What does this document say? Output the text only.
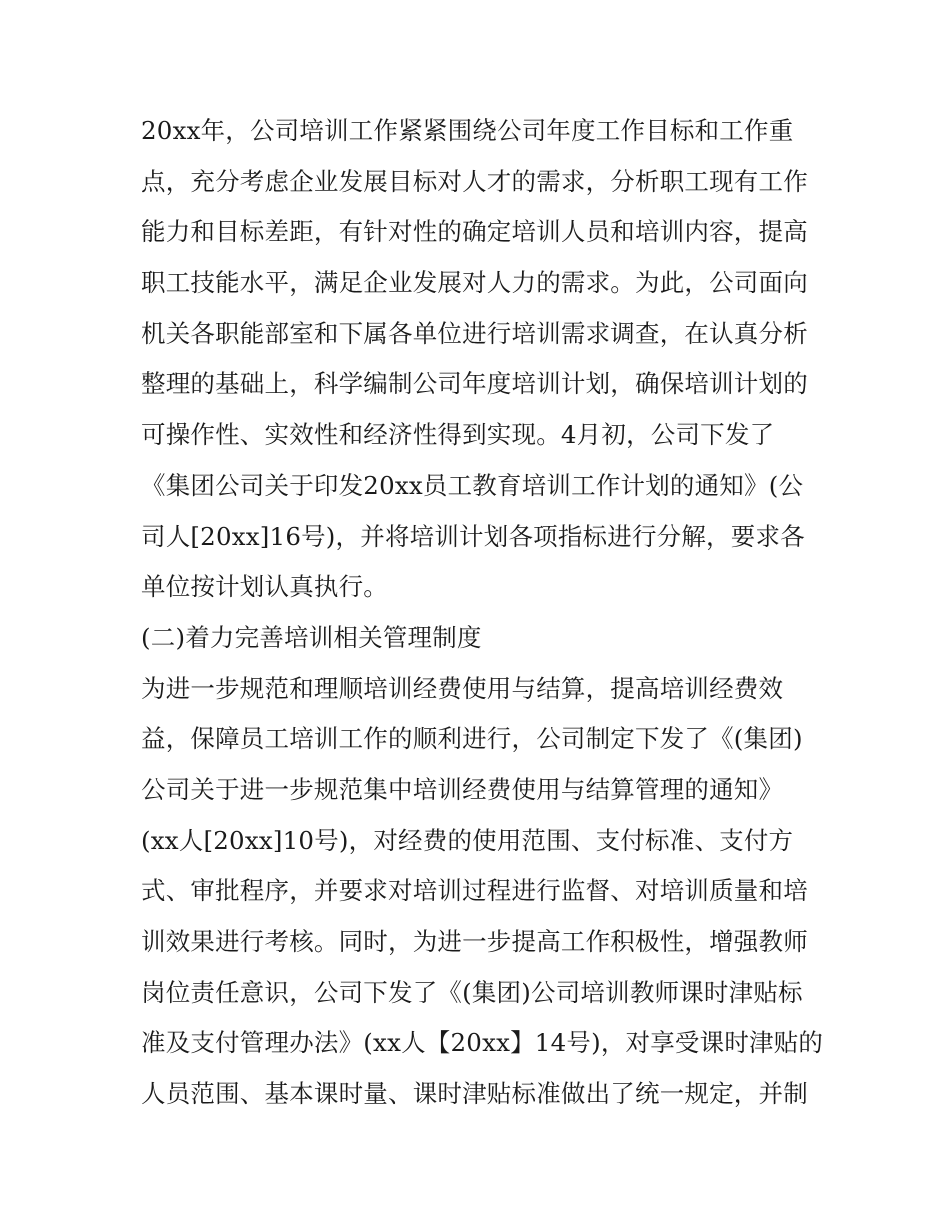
20xx年，公司培训工作紧紧围绕公司年度工作目标和工作重
点，充分考虑企业发展目标对人才的需求，分析职工现有工作
能力和目标差距，有针对性的确定培训人员和培训内容，提高
职工技能水平，满足企业发展对人力的需求。为此，公司面向
机关各职能部室和下属各单位进行培训需求调查，在认真分析
整理的基础上，科学编制公司年度培训计划，确保培训计划的
可操作性、实效性和经济性得到实现。4月初，公司下发了
《集团公司关于印发20xx员工教育培训工作计划的通知》(公
司人[20xx]16号)，并将培训计划各项指标进行分解，要求各
单位按计划认真执行。
(二)着力完善培训相关管理制度
为进一步规范和理顺培训经费使用与结算，提高培训经费效
益，保障员工培训工作的顺利进行，公司制定下发了《(集团)
公司关于进一步规范集中培训经费使用与结算管理的通知》
(xx人[20xx]10号)，对经费的使用范围、支付标准、支付方
式、审批程序，并要求对培训过程进行监督、对培训质量和培
训效果进行考核。同时，为进一步提高工作积极性，增强教师
岗位责任意识，公司下发了《(集团)公司培训教师课时津贴标
准及支付管理办法》(xx人【20xx】14号)，对享受课时津贴的
人员范围、基本课时量、课时津贴标准做出了统一规定，并制
